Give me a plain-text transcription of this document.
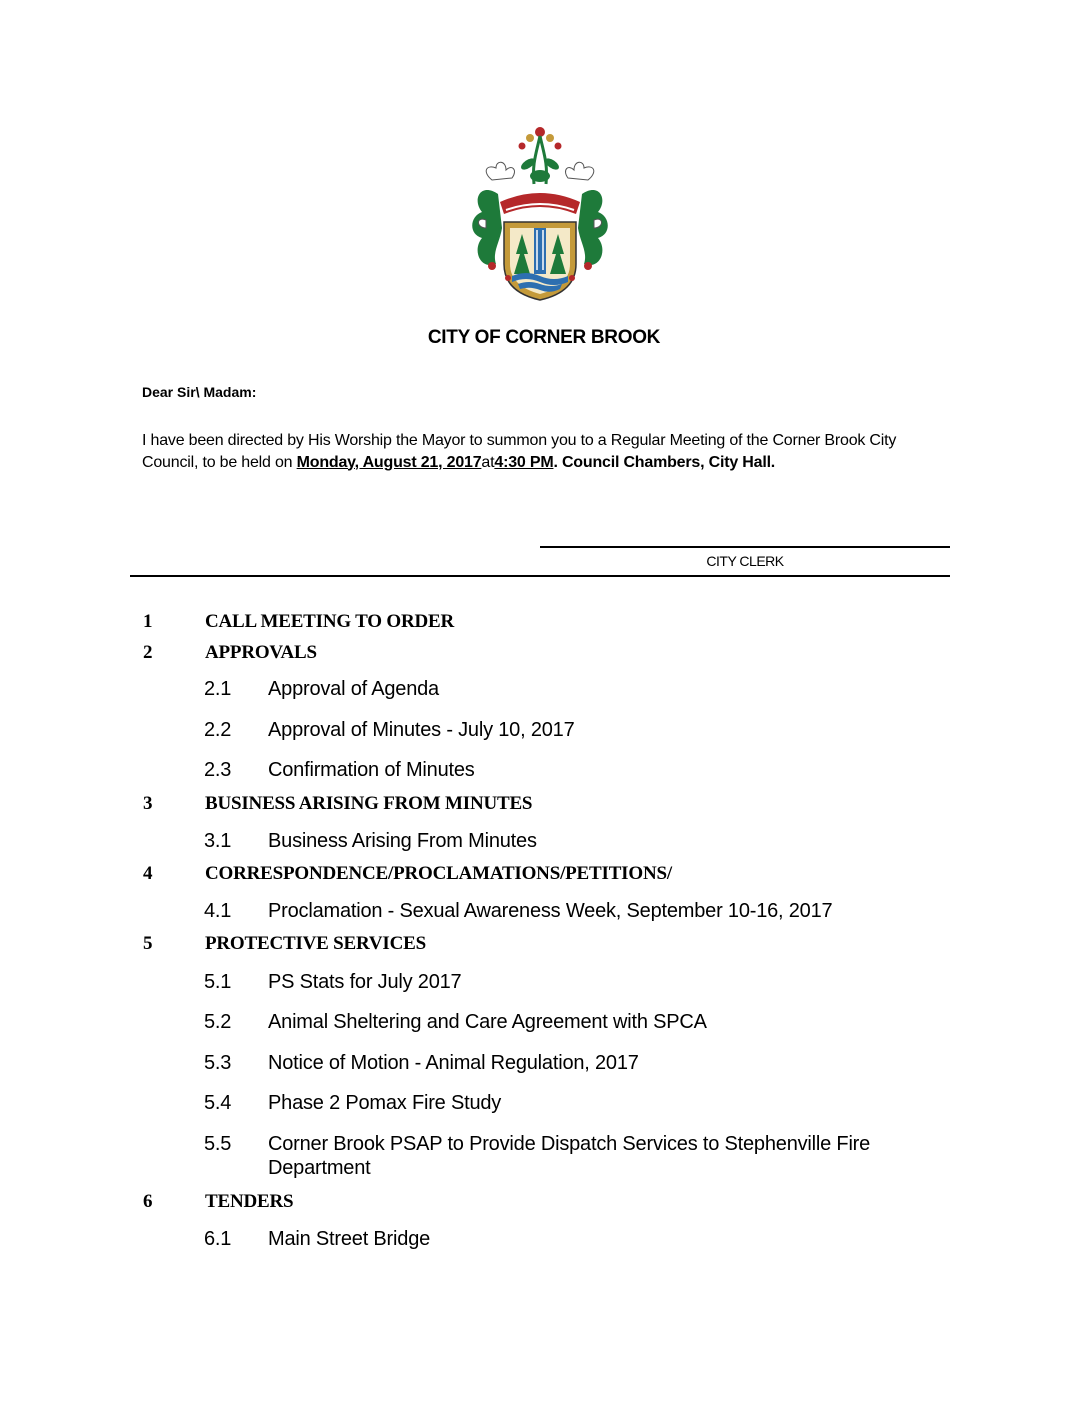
CITY OF CORNER BROOK
Dear Sir\ Madam:
I have been directed by His Worship the Mayor to summon you to a Regular Meeting of the Corner Brook City Council, to be held on Monday, August 21, 2017at4:30 PM. Council Chambers, City Hall.
CITY CLERK
1	CALL MEETING TO ORDER
2	APPROVALS
2.1 Approval of Agenda
2.2 Approval of Minutes - July 10, 2017
2.3 Confirmation of Minutes
3	BUSINESS ARISING FROM MINUTES
3.1 Business Arising From Minutes
4	CORRESPONDENCE/PROCLAMATIONS/PETITIONS/
4.1 Proclamation - Sexual Awareness Week, September 10-16, 2017
5	PROTECTIVE SERVICES
5.1 PS Stats for July 2017
5.2 Animal Sheltering and Care Agreement with SPCA
5.3 Notice of Motion - Animal Regulation, 2017
5.4 Phase 2 Pomax Fire Study
5.5 Corner Brook PSAP to Provide Dispatch Services to Stephenville Fire Department
6	TENDERS
6.1 Main Street Bridge
